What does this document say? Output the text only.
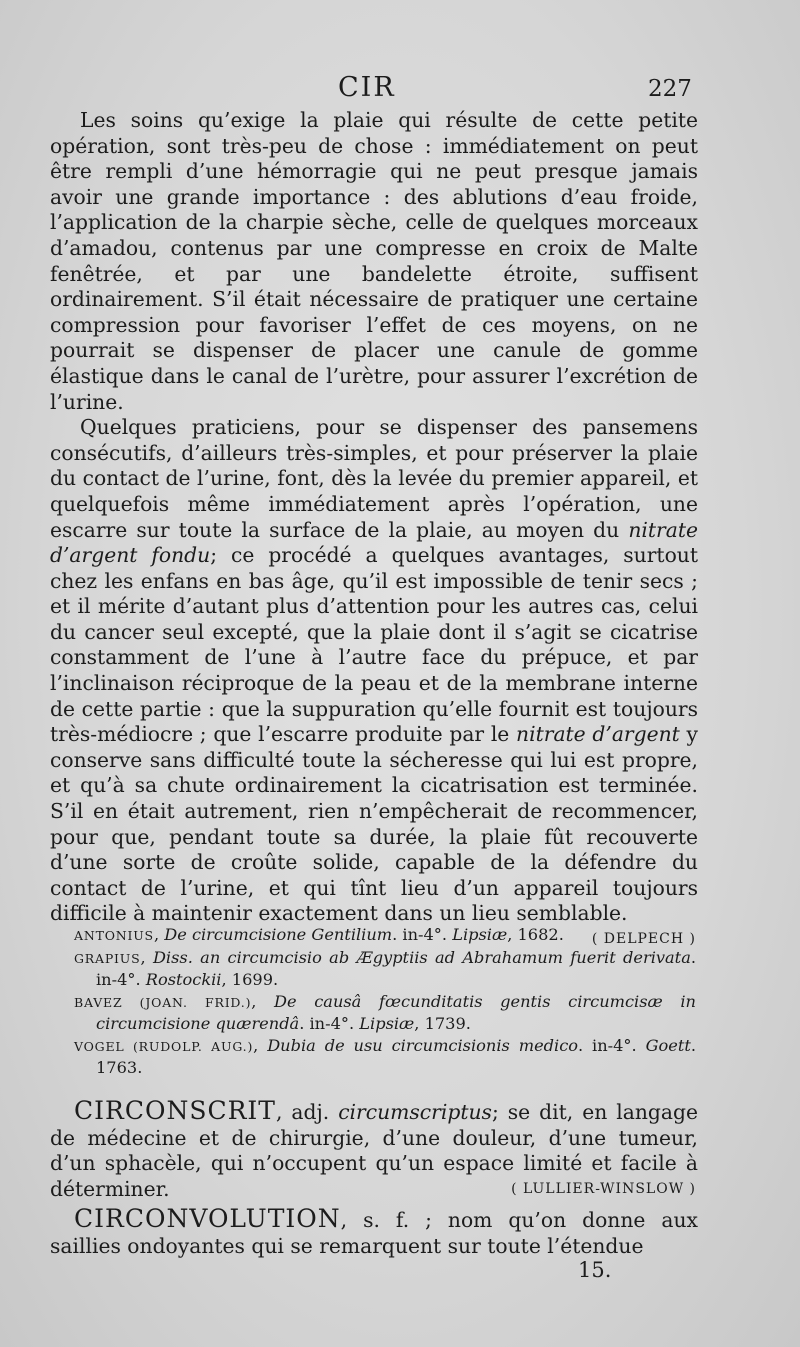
CIR	227

Les soins qu’exige la plaie qui résulte de cette petite opération, sont très-peu de chose : immédiatement on peut être rempli d’une hémorragie qui ne peut presque jamais avoir une grande importance : des ablutions d’eau froide, l’application de la charpie sèche, celle de quelques morceaux d’amadou, contenus par une compresse en croix de Malte fenêtrée, et par une bandelette étroite, suffisent ordinairement. S’il était nécessaire de pratiquer une certaine compression pour favoriser l’effet de ces moyens, on ne pourrait se dispenser de placer une canule de gomme élastique dans le canal de l’urètre, pour assurer l’excrétion de l’urine.

Quelques praticiens, pour se dispenser des pansemens consécutifs, d’ailleurs très-simples, et pour préserver la plaie du contact de l’urine, font, dès la levée du premier appareil, et quelquefois même immédiatement après l’opération, une escarre sur toute la surface de la plaie, au moyen du nitrate d’argent fondu; ce procédé a quelques avantages, surtout chez les enfans en bas âge, qu’il est impossible de tenir secs ; et il mérite d’autant plus d’attention pour les autres cas, celui du cancer seul excepté, que la plaie dont il s’agit se cicatrise constamment de l’une à l’autre face du prépuce, et par l’inclinaison réciproque de la peau et de la membrane interne de cette partie : que la suppuration qu’elle fournit est toujours très-médiocre ; que l’escarre produite par le nitrate d’argent y conserve sans difficulté toute la sécheresse qui lui est propre, et qu’à sa chute ordinairement la cicatrisation est terminée. S’il en était autrement, rien n’empêcherait de recommencer, pour que, pendant toute sa durée, la plaie fût recouverte d’une sorte de croûte solide, capable de la défendre du contact de l’urine, et qui tînt lieu d’un appareil toujours difficile à maintenir exactement dans un lieu semblable.
( DELPECH )

ANTONIUS, De circumcisione Gentilium. in-4°. Lipsiæ, 1682.

GRAPIUS, Diss. an circumcisio ab Ægyptiis ad Abrahamum fuerit derivata. in-4°. Rostockii, 1699.

BAVEZ (JOAN. FRID.), De causâ fœcunditatis gentis circumcisæ in circumcisione quærendâ. in-4°. Lipsiæ, 1739.

VOGEL (RUDOLP. AUG.), Dubia de usu circumcisionis medico. in-4°. Goett. 1763.

CIRCONSCRIT, adj. circumscriptus; se dit, en langage de médecine et de chirurgie, d’une douleur, d’une tumeur, d’un sphacèle, qui n’occupent qu’un espace limité et facile à déterminer.	( LULLIER-WINSLOW )

CIRCONVOLUTION, s. f. ; nom qu’on donne aux saillies ondoyantes qui se remarquent sur toute l’étendue

15.
